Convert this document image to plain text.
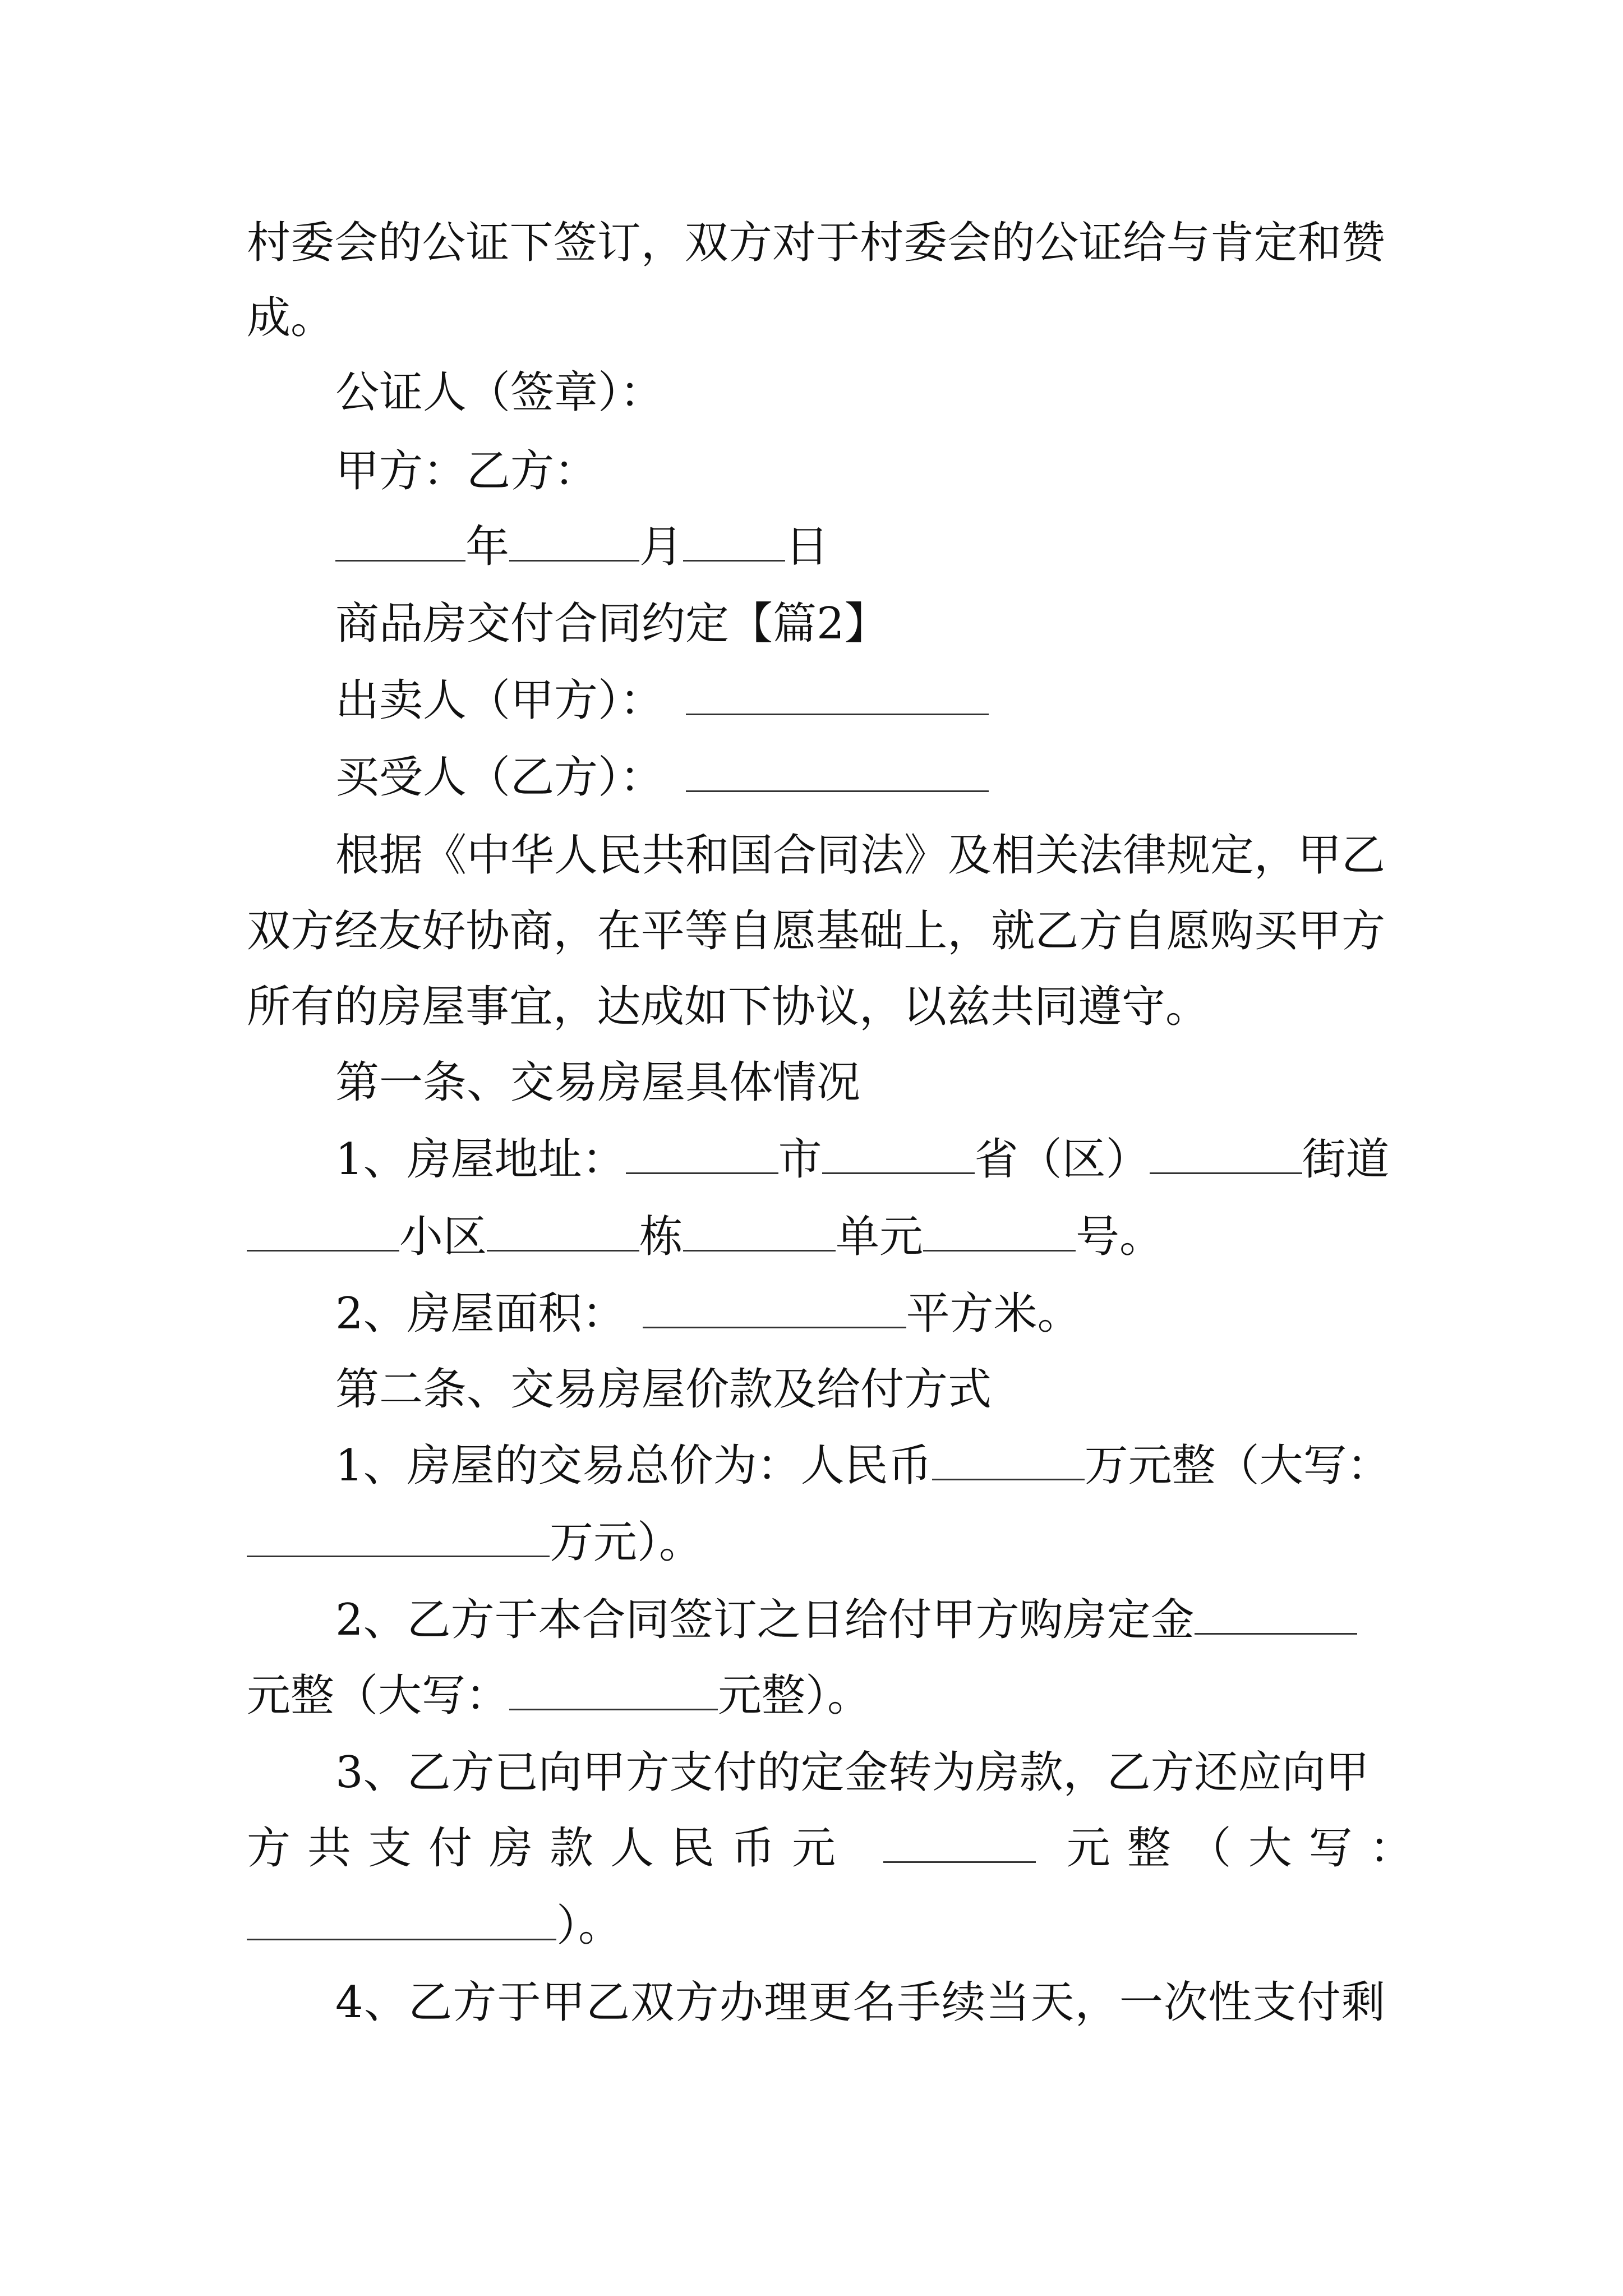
村委会的公证下签订，双方对于村委会的公证给与肯定和赞
成。
公证人（签章）：
甲方：乙方：
年	月 日
商品房交付合同约定【篇2】
出卖人（甲方）：
买受人（乙方）：
根据《中华人民共和国合同法》及相关法律规定，甲乙
双方经友好协商，在平等自愿基础上，就乙方自愿购买甲方
所有的房屋事宜，达成如下协议，以兹共同遵守。
第一条、交易房屋具体情况
1、房屋地址：	市	省（区）	街道
小区	栋	单元	号。
2、房屋面积：	平方米。
第二条、交易房屋价款及给付方式
1、房屋的交易总价为：人民币	万元整（大写：
万元）。
2、乙方于本合同签订之日给付甲方购房定金
元整（大写：	元整）。
3、乙方已向甲方支付的定金转为房款，乙方还应向甲
方共支付房款人民币元	元整（大写：
）。
4、乙方于甲乙双方办理更名手续当天，一次性支付剩
